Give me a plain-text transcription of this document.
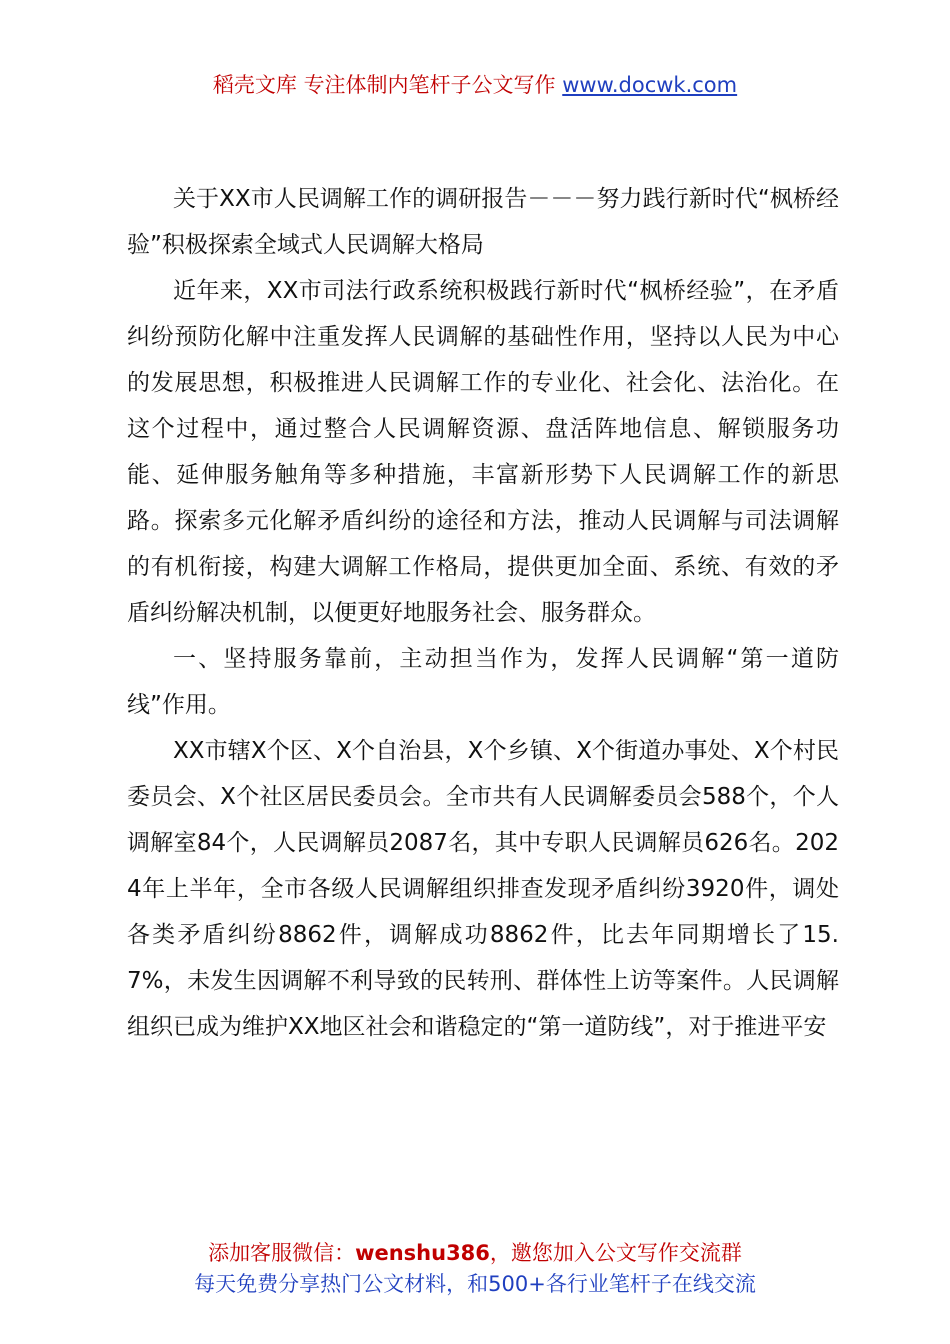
稻壳文库 专注体制内笔杆子公文写作 www.docwk.com

关于XX市人民调解工作的调研报告－－－努力践行新时代“枫桥经验”积极探索全域式人民调解大格局

近年来，XX市司法行政系统积极践行新时代“枫桥经验”，在矛盾纠纷预防化解中注重发挥人民调解的基础性作用，坚持以人民为中心的发展思想，积极推进人民调解工作的专业化、社会化、法治化。在这个过程中，通过整合人民调解资源、盘活阵地信息、解锁服务功能、延伸服务触角等多种措施，丰富新形势下人民调解工作的新思路。探索多元化解矛盾纠纷的途径和方法，推动人民调解与司法调解的有机衔接，构建大调解工作格局，提供更加全面、系统、有效的矛盾纠纷解决机制，以便更好地服务社会、服务群众。

一、坚持服务靠前，主动担当作为，发挥人民调解“第一道防线”作用。

XX市辖X个区、X个自治县，X个乡镇、X个街道办事处、X个村民委员会、X个社区居民委员会。全市共有人民调解委员会588个，个人调解室84个，人民调解员2087名，其中专职人民调解员626名。2024年上半年，全市各级人民调解组织排查发现矛盾纠纷3920件，调处各类矛盾纠纷8862件，调解成功8862件，比去年同期增长了15.7%，未发生因调解不利导致的民转刑、群体性上访等案件。人民调解组织已成为维护XX地区社会和谐稳定的“第一道防线”，对于推进平安

添加客服微信：wenshu386，邀您加入公文写作交流群
每天免费分享热门公文材料，和500+各行业笔杆子在线交流
